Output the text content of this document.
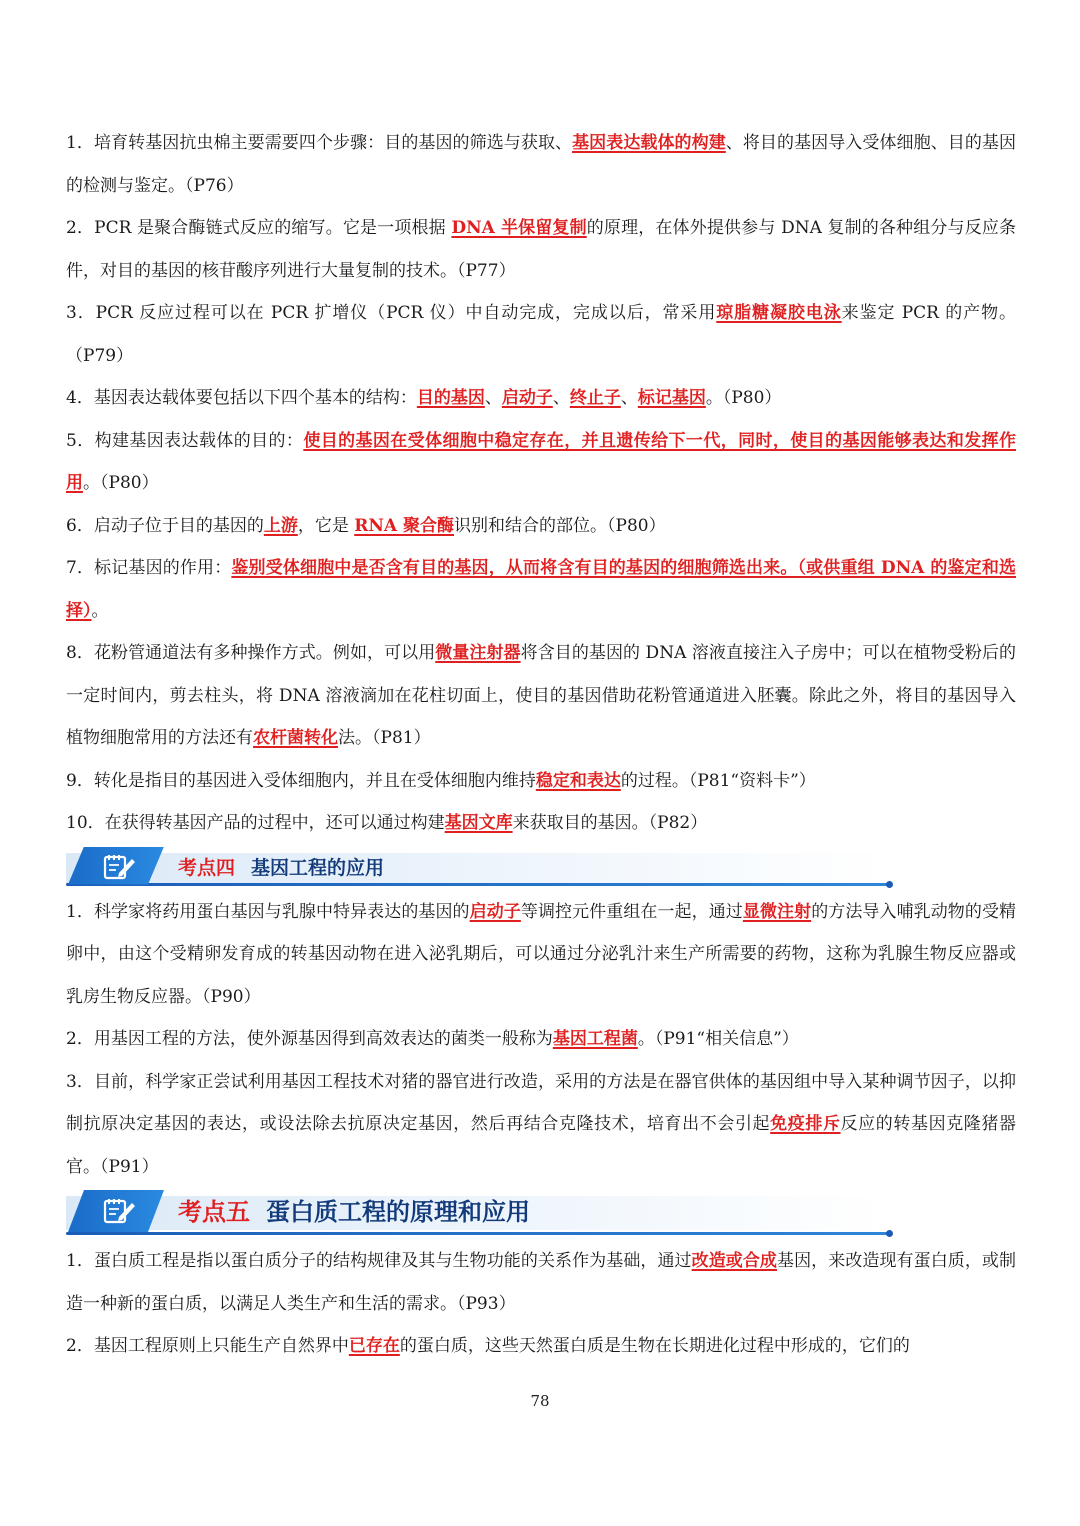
1．培育转基因抗虫棉主要需要四个步骤：目的基因的筛选与获取、基因表达载体的构建、将目的基因导入受体细胞、目的基因的检测与鉴定。（P76）

2．PCR 是聚合酶链式反应的缩写。它是一项根据 DNA 半保留复制的原理，在体外提供参与 DNA 复制的各种组分与反应条件，对目的基因的核苷酸序列进行大量复制的技术。（P77）

3．PCR 反应过程可以在 PCR 扩增仪（PCR 仪）中自动完成，完成以后，常采用琼脂糖凝胶电泳来鉴定 PCR 的产物。（P79）

4．基因表达载体要包括以下四个基本的结构：目的基因、启动子、终止子、标记基因。（P80）

5．构建基因表达载体的目的：使目的基因在受体细胞中稳定存在，并且遗传给下一代，同时，使目的基因能够表达和发挥作用。（P80）

6．启动子位于目的基因的上游，它是 RNA 聚合酶识别和结合的部位。（P80）

7．标记基因的作用：鉴别受体细胞中是否含有目的基因，从而将含有目的基因的细胞筛选出来。（或供重组 DNA 的鉴定和选择）。

8．花粉管通道法有多种操作方式。例如，可以用微量注射器将含目的基因的 DNA 溶液直接注入子房中；可以在植物受粉后的一定时间内，剪去柱头，将 DNA 溶液滴加在花柱切面上，使目的基因借助花粉管通道进入胚囊。除此之外，将目的基因导入植物细胞常用的方法还有农杆菌转化法。（P81）

9．转化是指目的基因进入受体细胞内，并且在受体细胞内维持稳定和表达的过程。（P81“资料卡”）

10．在获得转基因产品的过程中，还可以通过构建基因文库来获取目的基因。（P82）

考点四 基因工程的应用

1．科学家将药用蛋白基因与乳腺中特异表达的基因的启动子等调控元件重组在一起，通过显微注射的方法导入哺乳动物的受精卵中，由这个受精卵发育成的转基因动物在进入泌乳期后，可以通过分泌乳汁来生产所需要的药物，这称为乳腺生物反应器或乳房生物反应器。（P90）

2．用基因工程的方法，使外源基因得到高效表达的菌类一般称为基因工程菌。（P91“相关信息”）

3．目前，科学家正尝试利用基因工程技术对猪的器官进行改造，采用的方法是在器官供体的基因组中导入某种调节因子，以抑制抗原决定基因的表达，或设法除去抗原决定基因，然后再结合克隆技术，培育出不会引起免疫排斥反应的转基因克隆猪器官。（P91）

考点五 蛋白质工程的原理和应用

1．蛋白质工程是指以蛋白质分子的结构规律及其与生物功能的关系作为基础，通过改造或合成基因，来改造现有蛋白质，或制造一种新的蛋白质，以满足人类生产和生活的需求。（P93）

2．基因工程原则上只能生产自然界中已存在的蛋白质，这些天然蛋白质是生物在长期进化过程中形成的，它们的

78
